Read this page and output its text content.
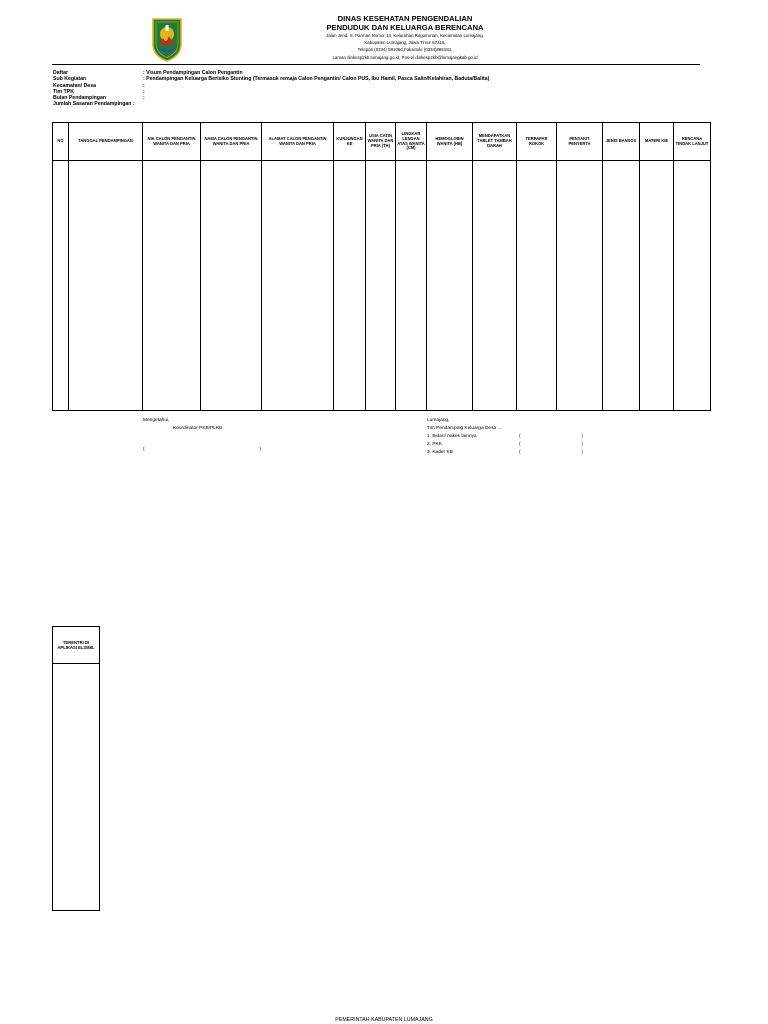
DINAS KESEHATAN PENGENDALIAN
PENDUDUK DAN KELUARGA BERENCANA
Jalan Jend. S. Parman Nomor 13, Kelurahan Rogotrunan, Kecamatan Lumajang,
Kabupaten Lumajang, Jawa Timur 67316,
Telepon (0334) 881066,Faksimile (0334)885184,
Laman dinkesp2kb.lumajang.go.id, Pos-el dinkesp2kb@lumajangkab.go.id
Daftar	: Visum Pendampingan Calon Pengantin
Sub Kegiatan	: Pendampingan Keluarga Berisiko Stunting (Termasuk remaja Calon Pengantin/ Calon PUS, Ibu Hamil, Pasca Salin/Kelahiran, Baduta/Balita)
Kecamatan/ Desa	:
Tim TPK	:
Bulan Pendampingan	:
Jumlah Sasaran Pendampingan :
NO	TANGGAL PENDAMPINGAN	NIK CALON PENGANTIN WANITA DAN PRIA	NAMA CALON PENGANTIN WANITA DAN PRIA	ALAMAT CALON PENGANTIN WANITA DAN PRIA	KUNJUNGAN KE	USIA CATIN WANITA DAN PRIA (TH)	LINGKAR LENGAN ATAS WANITA (CM)	HEMOGLOBIN WANITA (HB)	MENDAPATKAN TABLET TAMBAH DARAH	TERPAPAR ROKOK	PENYAKIT PENYERTA	JENIS BANSOS	MATERI KIE	RENCANA TINDAK LANJUT

Mengetahui,
Koordinator PKB/PLKB
(	)
Lumajang,
Tim Pendamping Keluarga Desa ...
1. Bidan/ nakes lainnya	(	)
2. PKK	(	)
3. Kader KB	(	)
TERENTRI DI APLIKASI ELSIMIL
PEMERINTAH KABUPATEN LUMAJANG
